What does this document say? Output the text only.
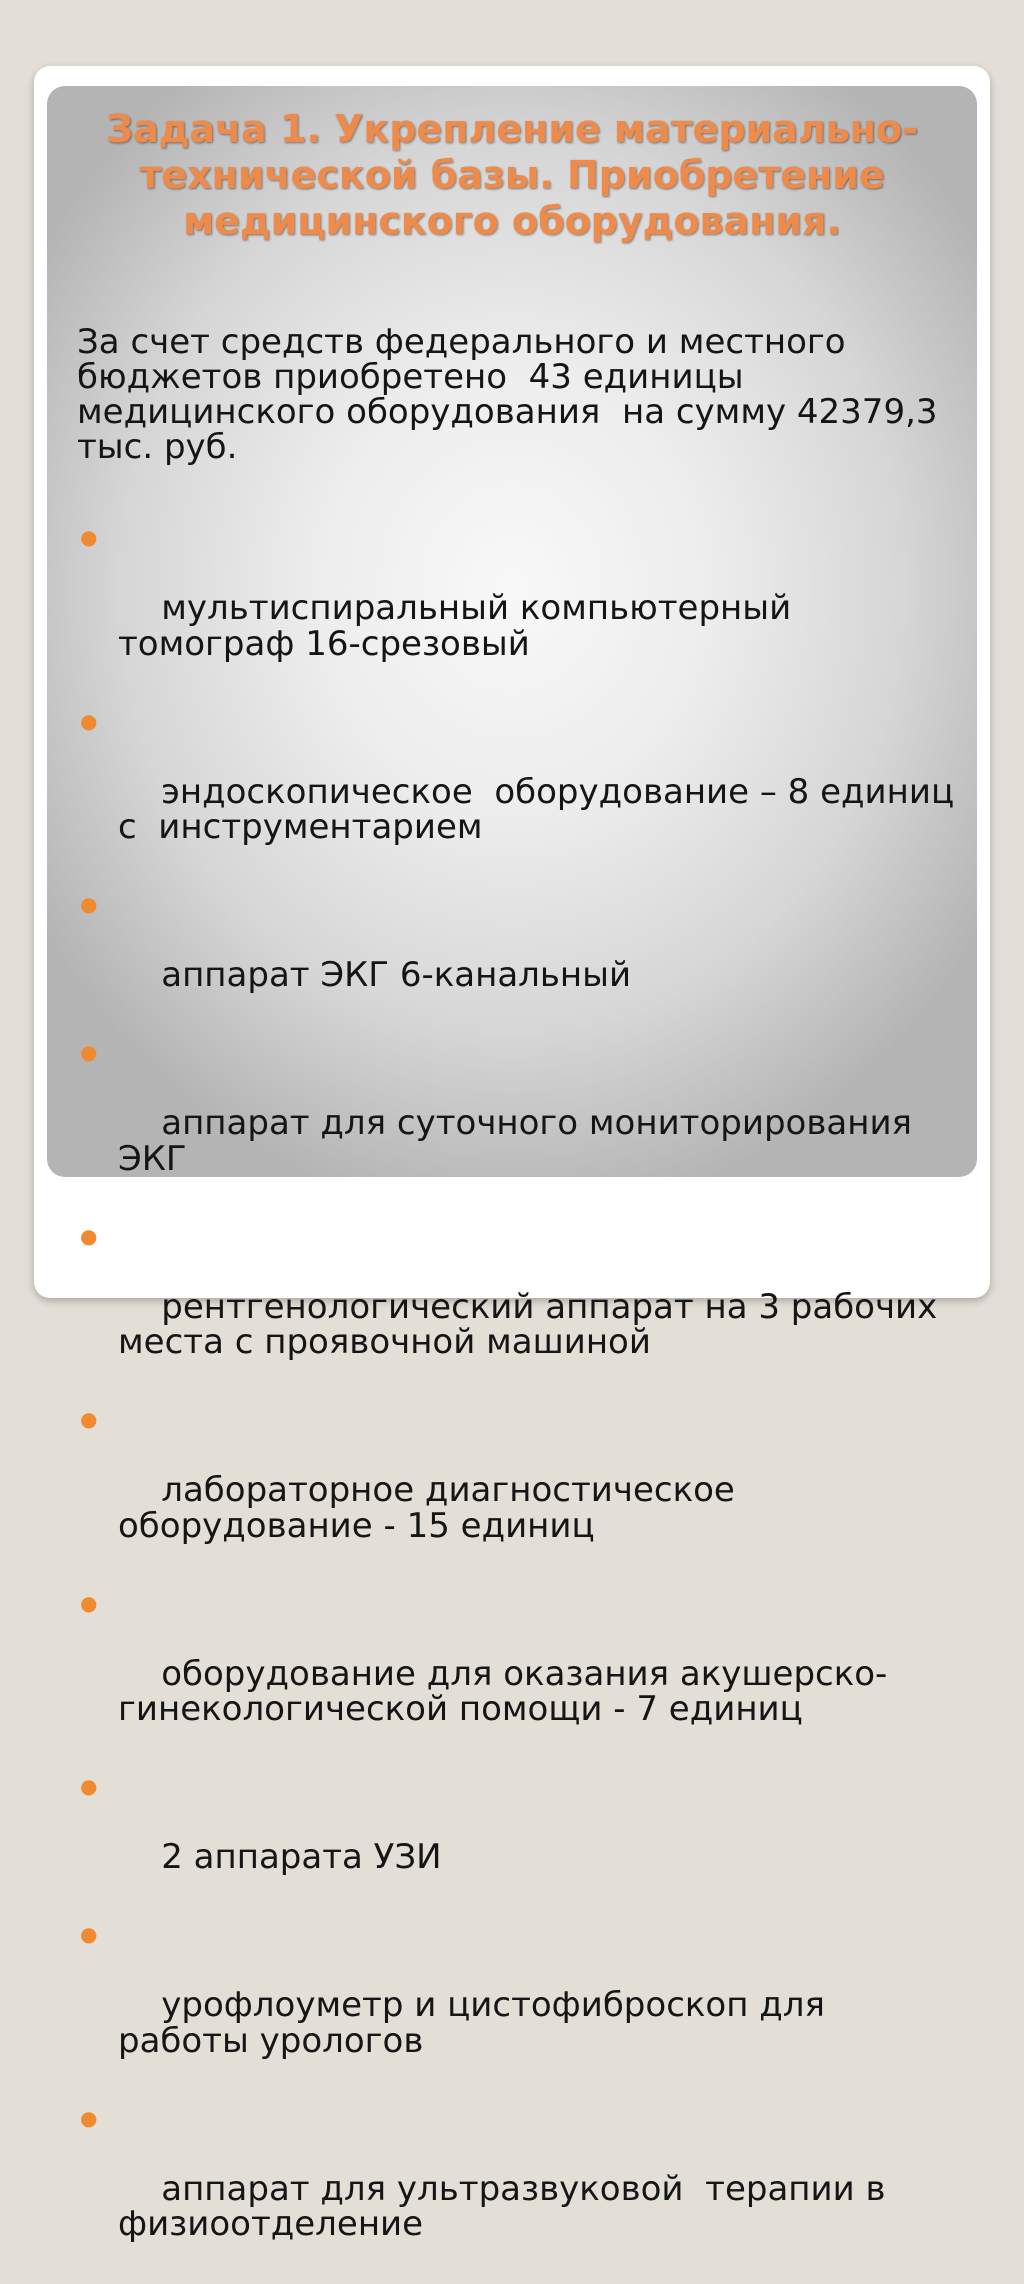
Задача 1. Укрепление материально-технической базы. Приобретение медицинского оборудования.

За счет средств федерального и местного бюджетов приобретено  43 единицы медицинского оборудования  на сумму 42379,3 тыс. руб.

●

мультиспиральный компьютерный томограф 16-срезовый

●

эндоскопическое  оборудование – 8 единиц с  инструментарием

●

аппарат ЭКГ 6-канальный

●

аппарат для суточного мониторирования ЭКГ

●

рентгенологический аппарат на 3 рабочих  места с проявочной машиной

●

лабораторное диагностическое оборудование - 15 единиц

●

оборудование для оказания акушерско-гинекологической помощи - 7 единиц

●

2 аппарата УЗИ

●

урофлоуметр и цистофиброскоп для работы урологов

●

аппарат для ультразвуковой  терапии в физиоотделение
